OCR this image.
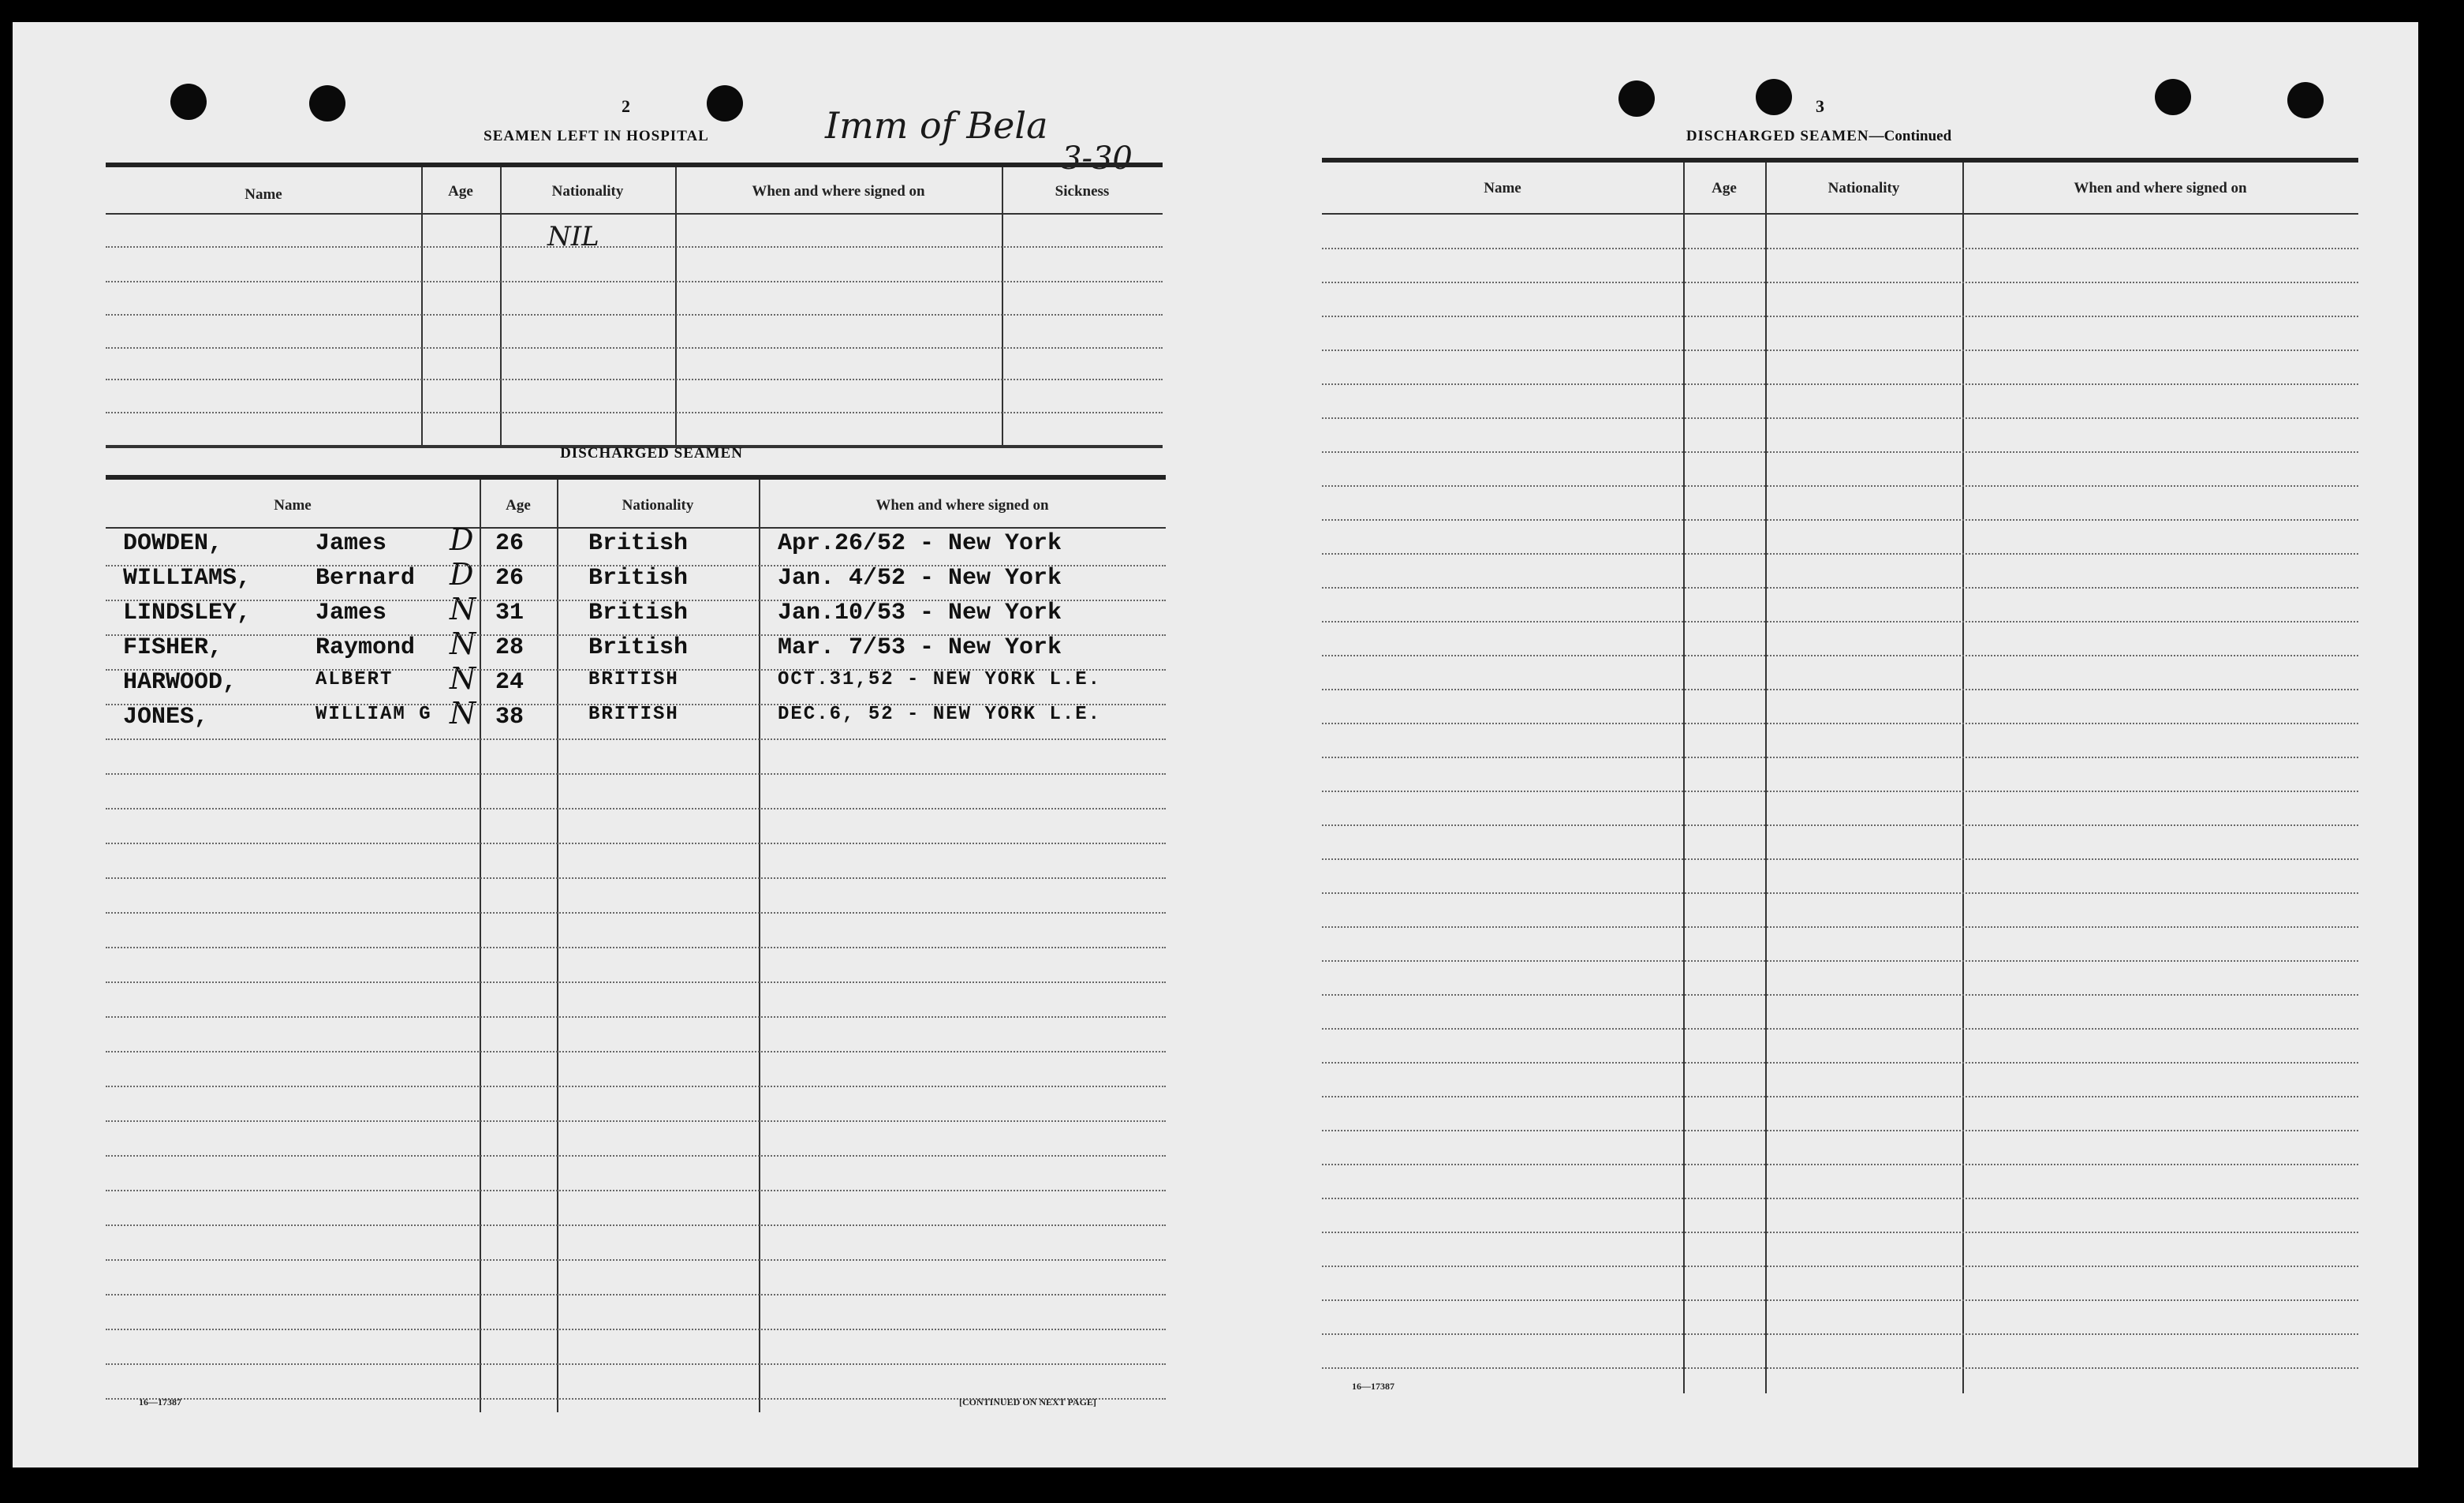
2
SEAMEN LEFT IN HOSPITAL	Imm of Bela
3-30
Name	Age	Nationality	When and where signed on	Sickness
NIL
DISCHARGED SEAMEN
Name	Age	Nationality	When and where signed on
DOWDEN,	James	26	British	Apr.26/52 - New York
D
WILLIAMS,	Bernard	26	British	Jan. 4/52 - New York
D
LINDSLEY,	James	31	British	Jan.10/53 - New York
N
FISHER,	Raymond	28	British	Mar. 7/53 - New York
N
HARWOOD,	ALBERT	24	BRITISH	OCT.31,52 - NEW YORK L.E.
N
JONES,	WILLIAM G	38	BRITISH	DEC.6, 52 - NEW YORK L.E.
N
16—17387	[CONTINUED ON NEXT PAGE]
3
DISCHARGED SEAMEN—Continued
Name	Age	Nationality	When and where signed on
16—17387
